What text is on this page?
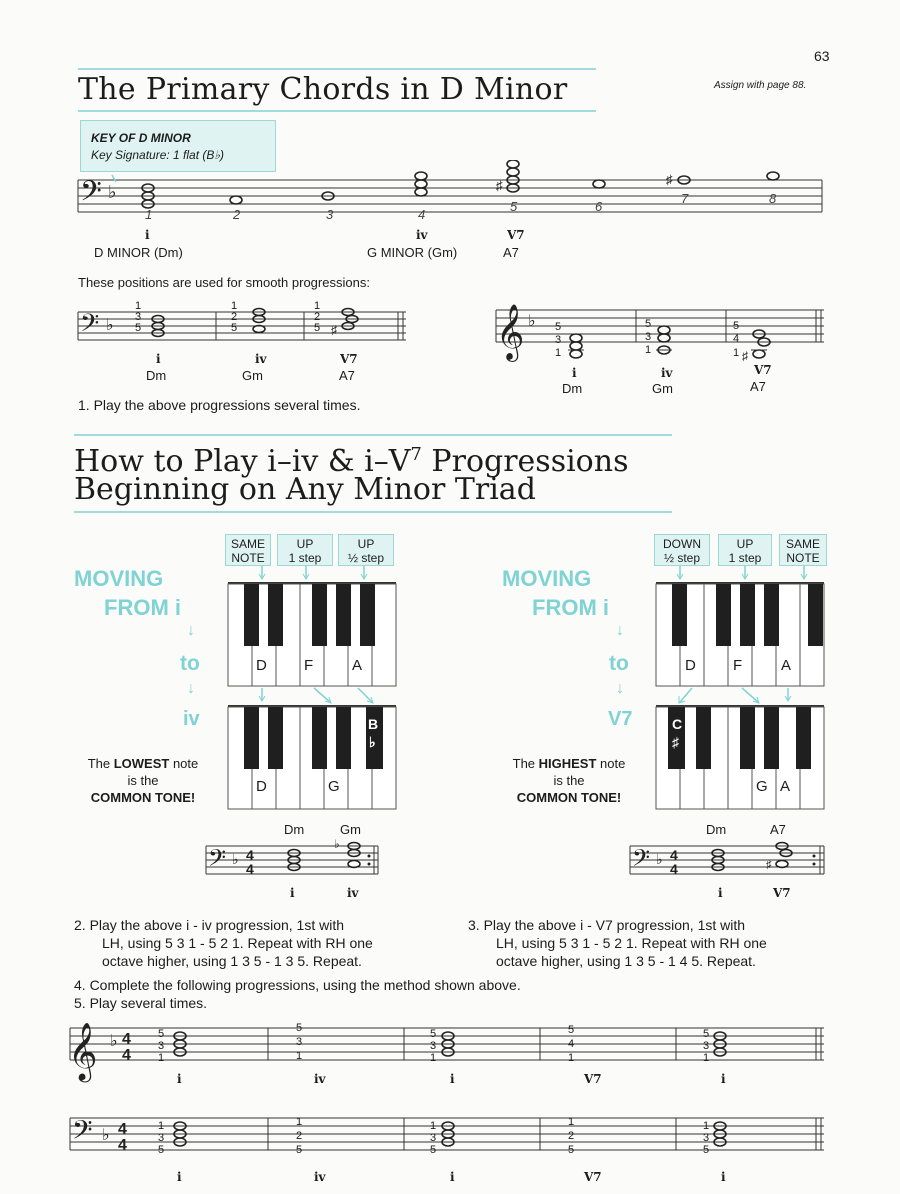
63
Assign with page 88.
The Primary Chords in D Minor
KEY OF D MINOR
Key Signature: 1 flat (B♭)
𝄢 ♭	♯	♯
1	2	3	4
5	6
7	8
i	iv	V7
D MINOR (Dm)	G MINOR (Gm)	A7
These positions are used for smooth progressions:
𝄢 ♭	♯
1
3
5
1
2
5
1
2
5
i	iv	V7
Dm	Gm	A7
𝄞 ♭
♯
5
3
1
5
3
1
5
4
1
i	iv	V7
Dm	Gm	A7
1. Play the above progressions several times.
How to Play i–iv & $i-V^7$ Progressions
Beginning on Any Minor Triad
SAME
NOTE
UP
1 step
UP
½ step
MOVING
FROM i
↓
to
↓
iv
D F	A
D	G
B
♭
The LOWEST note
is the
COMMON TONE!
DOWN
½ step
UP
1 step
SAME
NOTE
MOVING
FROM i
↓
to
↓
V7
D F	A
G A
C
♯
The HIGHEST note
is the
COMMON TONE!
Dm	Gm
𝄢 ♭ 4
4
♭
i	iv
Dm	A7
𝄢 ♭ 4
4	♯
i	V7
2. Play the above i - iv progression, 1st with
LH, using 5 3 1 - 5 2 1. Repeat with RH one
octave higher, using 1 3 5 - 1 3 5. Repeat.
3. Play the above i - V7 progression, 1st with
LH, using 5 3 1 - 5 2 1. Repeat with RH one
octave higher, using 1 3 5 - 1 4 5. Repeat.
4. Complete the following progressions, using the method shown above.
5. Play several times.
𝄞
𝄢
♭
♭
4
4
4
4
5
3
1
5
3
1
5
3
1
5
4
1
5
3
1
1
3
5
1
2
5
1
3
5
1
2
5
1
3
5
i	iv	i	V7	i
i	iv	i	V7	i
